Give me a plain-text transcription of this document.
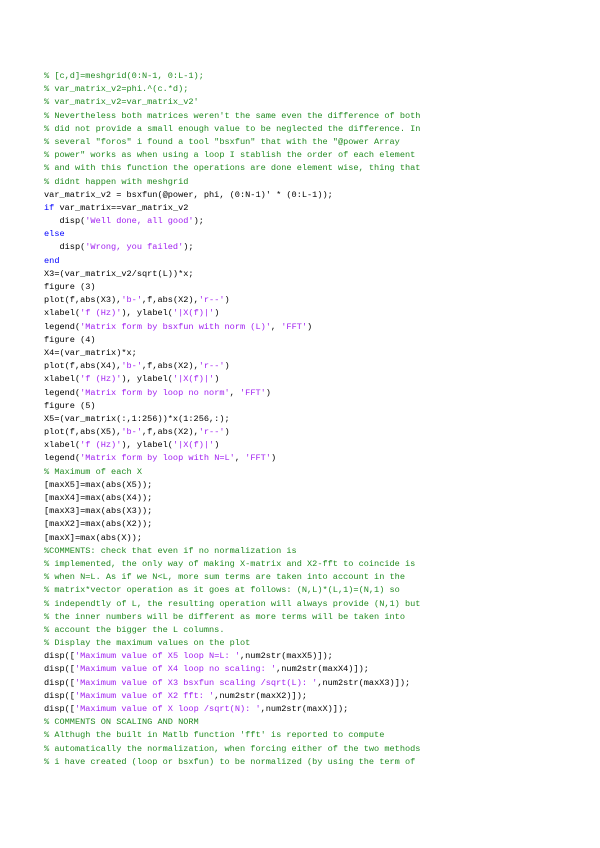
% [c,d]=meshgrid(0:N-1, 0:L-1);
% var_matrix_v2=phi.^(c.*d);
% var_matrix_v2=var_matrix_v2'
% Nevertheless both matrices weren't the same even the difference of both
% did not provide a small enough value to be neglected the difference. In
% several "foros" i found a tool "bsxfun" that with the "@power Array
% power" works as when using a loop I stablish the order of each element
% and with this function the operations are done element wise, thing that
% didnt happen with meshgrid
var_matrix_v2 = bsxfun(@power, phi, (0:N-1)' * (0:L-1));
if var_matrix==var_matrix_v2
disp('Well done, all good');
else
disp('Wrong, you failed');
end
X3=(var_matrix_v2/sqrt(L))*x;
figure (3)
plot(f,abs(X3),'b-',f,abs(X2),'r--')
xlabel('f (Hz)'), ylabel('|X(f)|')
legend('Matrix form by bsxfun with norm (L)', 'FFT')
figure (4)
X4=(var_matrix)*x;
plot(f,abs(X4),'b-',f,abs(X2),'r--')
xlabel('f (Hz)'), ylabel('|X(f)|')
legend('Matrix form by loop no norm', 'FFT')
figure (5)
X5=(var_matrix(:,1:256))*x(1:256,:);
plot(f,abs(X5),'b-',f,abs(X2),'r--')
xlabel('f (Hz)'), ylabel('|X(f)|')
legend('Matrix form by loop with N=L', 'FFT')
% Maximum of each X
[maxX5]=max(abs(X5));
[maxX4]=max(abs(X4));
[maxX3]=max(abs(X3));
[maxX2]=max(abs(X2));
[maxX]=max(abs(X));
%COMMENTS: check that even if no normalization is
% implemented, the only way of making X-matrix and X2-fft to coincide is
% when N=L. As if we N<L, more sum terms are taken into account in the
% matrix*vector operation as it goes at follows: (N,L)*(L,1)=(N,1) so
% independtly of L, the resulting operation will always provide (N,1) but
% the inner numbers will be different as more terms will be taken into
% account the bigger the L columns.
% Display the maximum values on the plot
disp(['Maximum value of X5 loop N=L: ',num2str(maxX5)]);
disp(['Maximum value of X4 loop no scaling: ',num2str(maxX4)]);
disp(['Maximum value of X3 bsxfun scaling /sqrt(L): ',num2str(maxX3)]);
disp(['Maximum value of X2 fft: ',num2str(maxX2)]);
disp(['Maximum value of X loop /sqrt(N): ',num2str(maxX)]);
% COMMENTS ON SCALING AND NORM
% Althugh the built in Matlb function 'fft' is reported to compute
% automatically the normalization, when forcing either of the two methods
% i have created (loop or bsxfun) to be normalized (by using the term of
